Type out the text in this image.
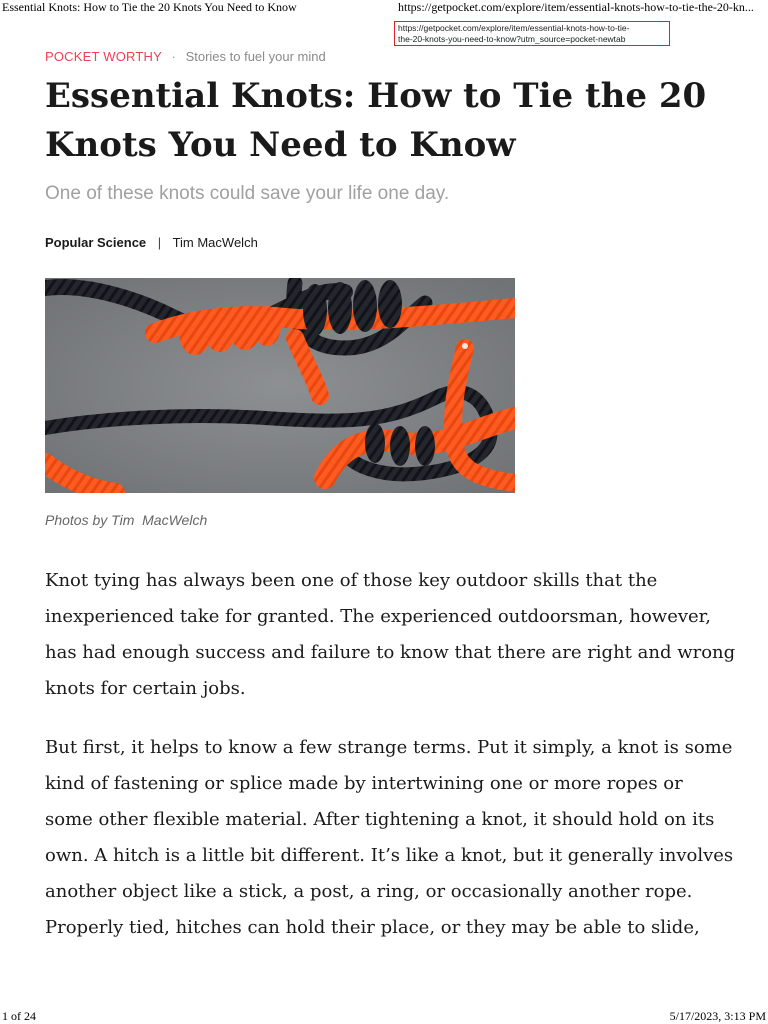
Essential Knots: How to Tie the 20 Knots You Need to Know	https://getpocket.com/explore/item/essential-knots-how-to-tie-the-20-kn...
https://getpocket.com/explore/item/essential-knots-how-to-tie-
the-20-knots-you-need-to-know?utm_source=pocket-newtab
POCKET WORTHY · Stories to fuel your mind
Essential Knots: How to Tie the 20 Knots You Need to Know
One of these knots could save your life one day.
Popular Science | Tim MacWelch
Photos by Tim  MacWelch

Knot tying has always been one of those key outdoor skills that the
inexperienced take for granted. The experienced outdoorsman, however,
has had enough success and failure to know that there are right and wrong
knots for certain jobs.

But first, it helps to know a few strange terms. Put it simply, a knot is some
kind of fastening or splice made by intertwining one or more ropes or
some other flexible material. After tightening a knot, it should hold on its
own. A hitch is a little bit different. It’s like a knot, but it generally involves
another object like a stick, a post, a ring, or occasionally another rope.
Properly tied, hitches can hold their place, or they may be able to slide,

1 of 24	5/17/2023, 3:13 PM
